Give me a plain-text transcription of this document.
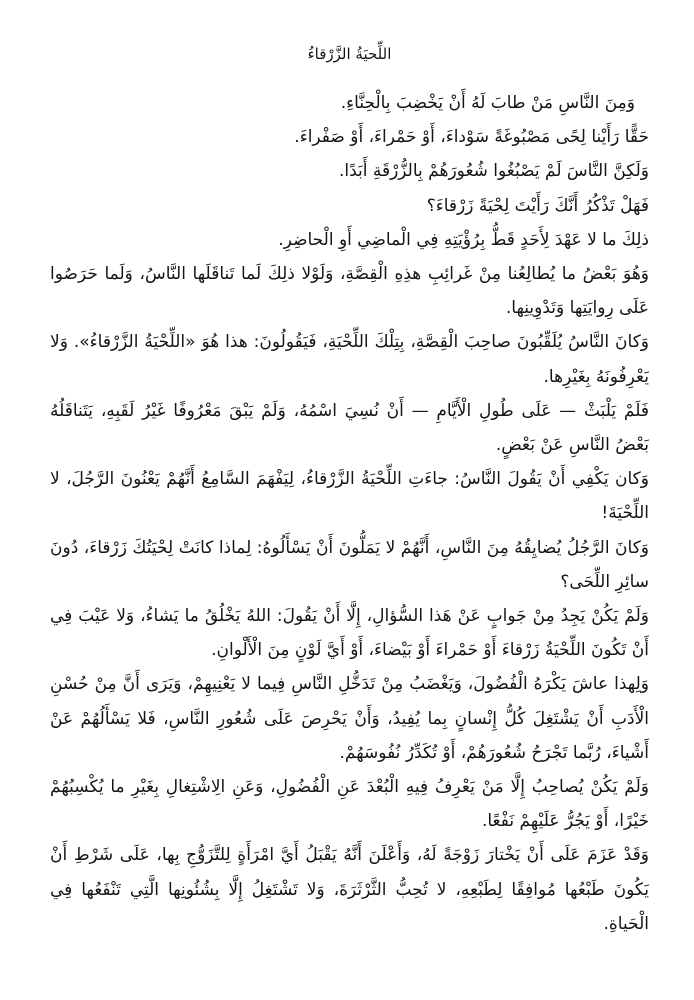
اللِّحيَةُ الزَّرْقاءُ

وَمِنَ النَّاسِ مَنْ طابَ لَهُ أَنْ يَخْضِبَ بِالْحِنَّاءِ.

حَقًّا رَأَيْنا لِحًى مَصْبُوغَةً سَوْداءَ، أَوْ حَمْراءَ، أَوْ صَفْراءَ.

وَلَكِنَّ النَّاسَ لَمْ يَصْبُغُوا شُعُورَهُمْ بِالزُّرْقَةِ أَبَدًا.

فَهَلْ تَذْكُرُ أَنَّكَ رَأَيْتَ لِحْيَةً زَرْقاءَ؟

ذلِكَ ما لا عَهْدَ لِأَحَدٍ قَطُّ بِرُؤْيَتِهِ فِي الْماضِي أَوِ الْحاضِرِ.

وَهُوَ بَعْضُ ما يُطالِعُنا مِنْ غَرائِبِ هذِهِ الْقِصَّةِ، وَلَوْلا ذلِكَ لَما تَناقَلَها النَّاسُ، وَلَما حَرَصُوا عَلَى رِوايَتِها وَتَدْوِينِها.

وَكانَ النَّاسُ يُلَقِّبُونَ صاحِبَ الْقِصَّةِ، بِتِلْكَ اللِّحْيَةِ، فَيَقُولُونَ: هذا هُوَ «اللِّحْيَةُ الزَّرْقاءُ». وَلا يَعْرِفُونَهُ بِغَيْرِها.

فَلَمْ يَلْبَثْ — عَلَى طُولِ الْأَيَّامِ — أَنْ نُسِيَ اسْمُهُ، وَلَمْ يَبْقَ مَعْرُوفًا غَيْرُ لَقَبِهِ، يَتَناقَلُهُ بَعْضُ النَّاسِ عَنْ بَعْضٍ.

وَكان يَكْفِي أَنْ يَقُولَ النَّاسُ: جاءَتِ اللِّحْيَةُ الزَّرْقاءُ، لِيَفْهَمَ السَّامِعُ أَنَّهُمْ يَعْنُونَ الرَّجُلَ، لا اللِّحْيَةَ!

وَكانَ الرَّجُلُ يُضايِقُهُ مِنَ النَّاسِ، أَنَّهُمْ لا يَمَلُّونَ أَنْ يَسْأَلُوهُ: لِماذا كانَتْ لِحْيَتُكَ زَرْقاءَ، دُونَ سائِرِ اللِّحَى؟

وَلَمْ يَكُنْ يَجِدُ مِنْ جَوابٍ عَنْ هَذا السُّؤالِ، إِلَّا أَنْ يَقُولَ: اللهُ يَخْلُقُ ما يَشاءُ، وَلا عَيْبَ فِي أَنْ تَكُونَ اللِّحْيَةُ زَرْقاءَ أَوْ حَمْراءَ أَوْ بَيْضاءَ، أَوْ أَيَّ لَوْنٍ مِنَ الْأَلْوانِ.

وَلِهذا عاشَ يَكْرَهُ الْفُضُولَ، وَيَغْضَبُ مِنْ تَدَخُّلِ النَّاسِ فِيما لا يَعْنِيهِمْ، وَيَرَى أَنَّ مِنْ حُسْنِ الْأَدَبِ أَنْ يَشْتَغِلَ كُلُّ إِنْسانٍ بِما يُفِيدُ، وَأَنْ يَحْرِصَ عَلَى شُعُورِ النَّاسِ، فَلا يَسْأَلُهُمْ عَنْ أَشْياءَ، رُبَّما تَجْرَحُ شُعُورَهُمْ، أَوْ تُكَدِّرُ نُفُوسَهُمْ.

وَلَمْ يَكُنْ يُصاحِبُ إِلَّا مَنْ يَعْرِفُ فِيهِ الْبُعْدَ عَنِ الْفُضُولِ، وَعَنِ الِاشْتِغالِ بِغَيْرِ ما يُكْسِبُهُمْ خَيْرًا، أَوْ يَجُرُّ عَلَيْهِمْ نَفْعًا.

وَقَدْ عَزَمَ عَلَى أَنْ يَخْتارَ زَوْجَةً لَهُ، وَأَعْلَنَ أَنَّهُ يَقْبَلُ أَيَّ امْرَأَةٍ لِلتَّزَوُّجِ بِها، عَلَى شَرْطِ أَنْ يَكُونَ طَبْعُها مُوافِقًا لِطَبْعِهِ، لا تُحِبُّ الثَّرْثَرَةَ، وَلا تَشْتَغِلُ إِلَّا بِشُئُونِها الَّتِي تَنْفَعُها فِي الْحَياةِ.
